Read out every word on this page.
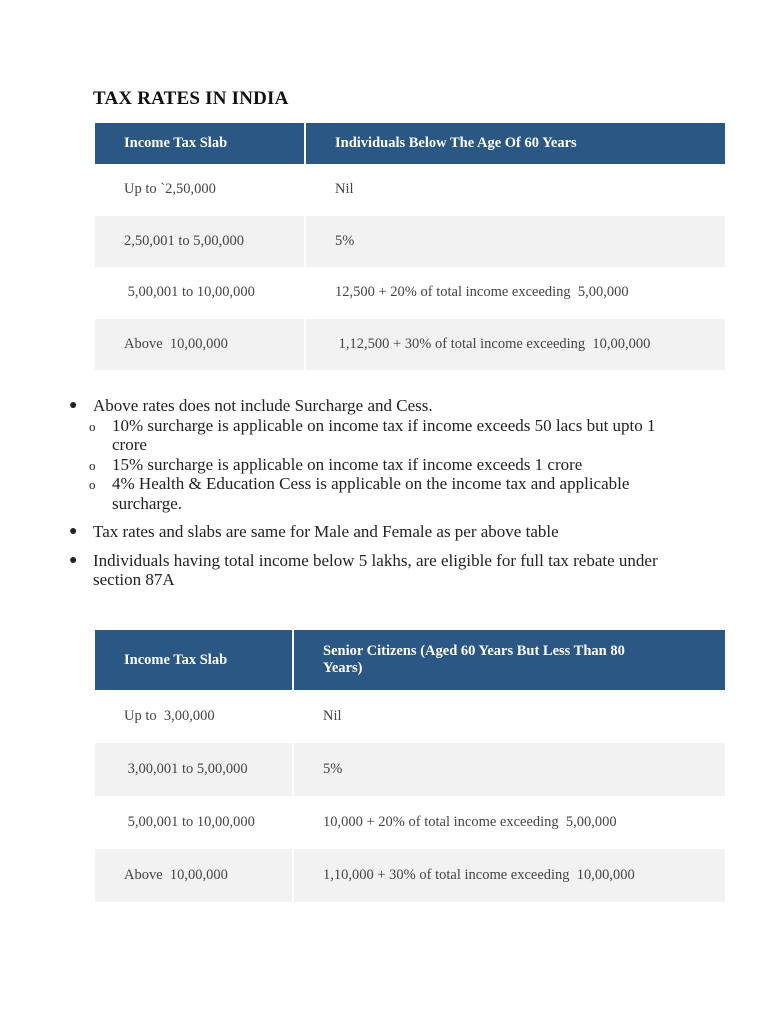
TAX RATES IN INDIA
Income Tax Slab	Individuals Below The Age Of 60 Years
Up to `2,50,000	Nil
2,50,001 to 5,00,000	5%
5,00,001 to 10,00,000	12,500 + 20% of total income exceeding  5,00,000
Above  10,00,000	1,12,500 + 30% of total income exceeding  10,00,000
● Above rates does not include Surcharge and Cess.
o 10% surcharge is applicable on income tax if income exceeds 50 lacs but upto 1 crore
o 15% surcharge is applicable on income tax if income exceeds 1 crore
o 4% Health & Education Cess is applicable on the income tax and applicable surcharge.
● Tax rates and slabs are same for Male and Female as per above table
● Individuals having total income below 5 lakhs, are eligible for full tax rebate under section 87A
Income Tax Slab	Senior Citizens (Aged 60 Years But Less Than 80 Years)
Up to  3,00,000	Nil
3,00,001 to 5,00,000	5%
5,00,001 to 10,00,000	10,000 + 20% of total income exceeding  5,00,000
Above  10,00,000	1,10,000 + 30% of total income exceeding  10,00,000
